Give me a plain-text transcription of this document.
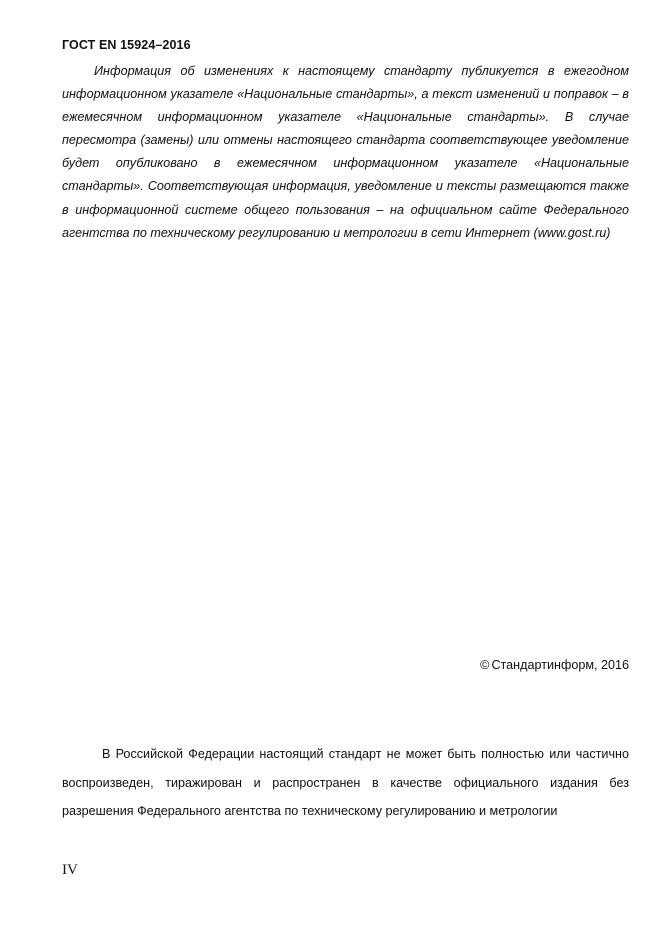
ГОСТ EN 15924–2016

Информация об изменениях к настоящему стандарту публикуется в ежегодном информационном указателе «Национальные стандарты», а текст изменений и поправок – в ежемесячном информационном указателе «Национальные стандарты». В случае пересмотра (замены) или отмены настоящего стандарта соответствующее уведомление будет опубликовано в ежемесячном информационном указателе «Национальные стандарты». Соответствующая информация, уведомление и тексты размещаются также в информационной системе общего пользования – на официальном сайте Федерального агентства по техническому регулированию и метрологии в сети Интернет (www.gost.ru)

© Стандартинформ, 2016

В Российской Федерации настоящий стандарт не может быть полностью или частично воспроизведен, тиражирован и распространен в качестве официального издания без разрешения Федерального агентства по техническому регулированию и метрологии

IV
